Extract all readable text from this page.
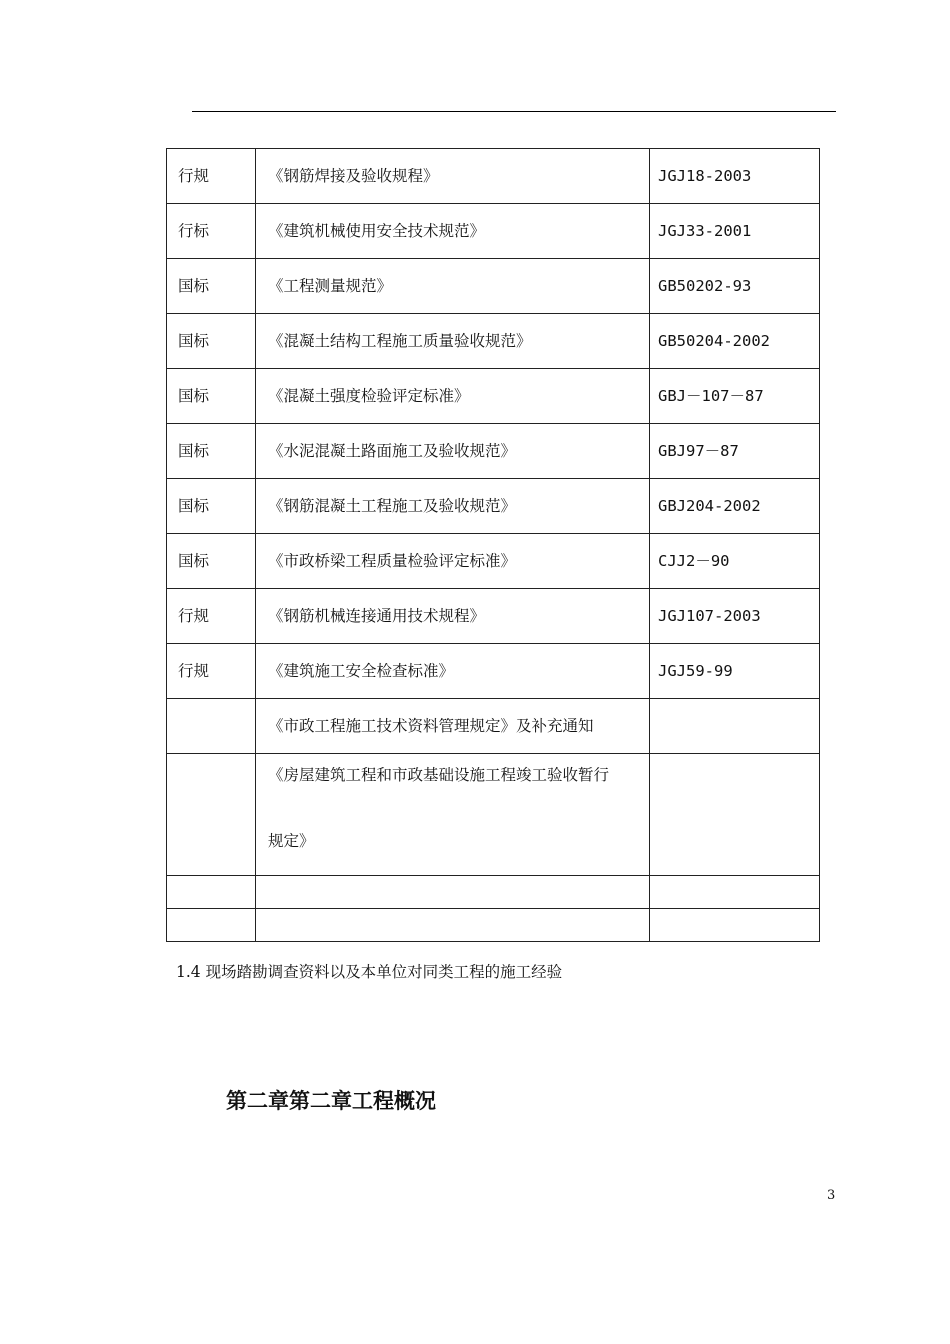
行规	《钢筋焊接及验收规程》	JGJ18-2003
行标	《建筑机械使用安全技术规范》	JGJ33-2001
国标	《工程测量规范》	GB50202-93
国标	《混凝土结构工程施工质量验收规范》	GB50204-2002
国标	《混凝土强度检验评定标准》	GBJ－107－87
国标	《水泥混凝土路面施工及验收规范》	GBJ97－87
国标	《钢筋混凝土工程施工及验收规范》	GBJ204-2002
国标	《市政桥梁工程质量检验评定标准》	CJJ2－90
行规	《钢筋机械连接通用技术规程》	JGJ107-2003
行规	《建筑施工安全检查标准》	JGJ59-99
	《市政工程施工技术资料管理规定》及补充通知	

	《房屋建筑工程和市政基础设施工程竣工验收暂行
规定》	

1.4 现场踏勘调查资料以及本单位对同类工程的施工经验
第二章第二章工程概况
3
